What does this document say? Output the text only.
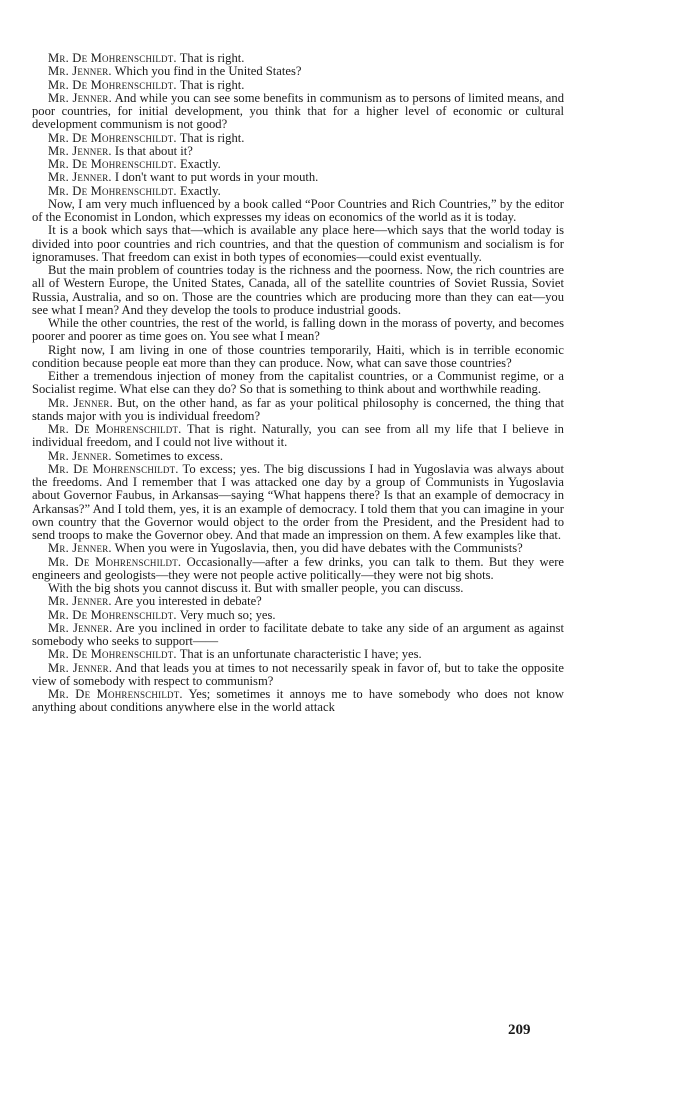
Mr. De Mohrenschildt. That is right.

Mr. Jenner. Which you find in the United States?

Mr. De Mohrenschildt. That is right.

Mr. Jenner. And while you can see some benefits in communism as to persons of limited means, and poor countries, for initial development, you think that for a higher level of economic or cultural development communism is not good?

Mr. De Mohrenschildt. That is right.

Mr. Jenner. Is that about it?

Mr. De Mohrenschildt. Exactly.

Mr. Jenner. I don't want to put words in your mouth.

Mr. De Mohrenschildt. Exactly.

Now, I am very much influenced by a book called “Poor Countries and Rich Countries,” by the editor of the Economist in London, which expresses my ideas on economics of the world as it is today.

It is a book which says that—which is available any place here—which says that the world today is divided into poor countries and rich countries, and that the question of communism and socialism is for ignoramuses. That freedom can exist in both types of economies—could exist eventually.

But the main problem of countries today is the richness and the poorness. Now, the rich countries are all of Western Europe, the United States, Canada, all of the satellite countries of Soviet Russia, Soviet Russia, Australia, and so on. Those are the countries which are producing more than they can eat—you see what I mean? And they develop the tools to produce industrial goods.

While the other countries, the rest of the world, is falling down in the morass of poverty, and becomes poorer and poorer as time goes on. You see what I mean?

Right now, I am living in one of those countries temporarily, Haiti, which is in terrible economic condition because people eat more than they can produce. Now, what can save those countries?

Either a tremendous injection of money from the capitalist countries, or a Communist regime, or a Socialist regime. What else can they do? So that is something to think about and worthwhile reading.

Mr. Jenner. But, on the other hand, as far as your political philosophy is concerned, the thing that stands major with you is individual freedom?

Mr. De Mohrenschildt. That is right. Naturally, you can see from all my life that I believe in individual freedom, and I could not live without it.

Mr. Jenner. Sometimes to excess.

Mr. De Mohrenschildt. To excess; yes. The big discussions I had in Yugoslavia was always about the freedoms. And I remember that I was attacked one day by a group of Communists in Yugoslavia about Governor Faubus, in Arkansas—saying “What happens there? Is that an example of democracy in Arkansas?” And I told them, yes, it is an example of democracy. I told them that you can imagine in your own country that the Governor would object to the order from the President, and the President had to send troops to make the Governor obey. And that made an impression on them. A few examples like that.

Mr. Jenner. When you were in Yugoslavia, then, you did have debates with the Communists?

Mr. De Mohrenschildt. Occasionally—after a few drinks, you can talk to them. But they were engineers and geologists—they were not people active politically—they were not big shots.

With the big shots you cannot discuss it. But with smaller people, you can discuss.

Mr. Jenner. Are you interested in debate?

Mr. De Mohrenschildt. Very much so; yes.

Mr. Jenner. Are you inclined in order to facilitate debate to take any side of an argument as against somebody who seeks to support——

Mr. De Mohrenschildt. That is an unfortunate characteristic I have; yes.

Mr. Jenner. And that leads you at times to not necessarily speak in favor of, but to take the opposite view of somebody with respect to communism?

Mr. De Mohrenschildt. Yes; sometimes it annoys me to have somebody who does not know anything about conditions anywhere else in the world attack

209
